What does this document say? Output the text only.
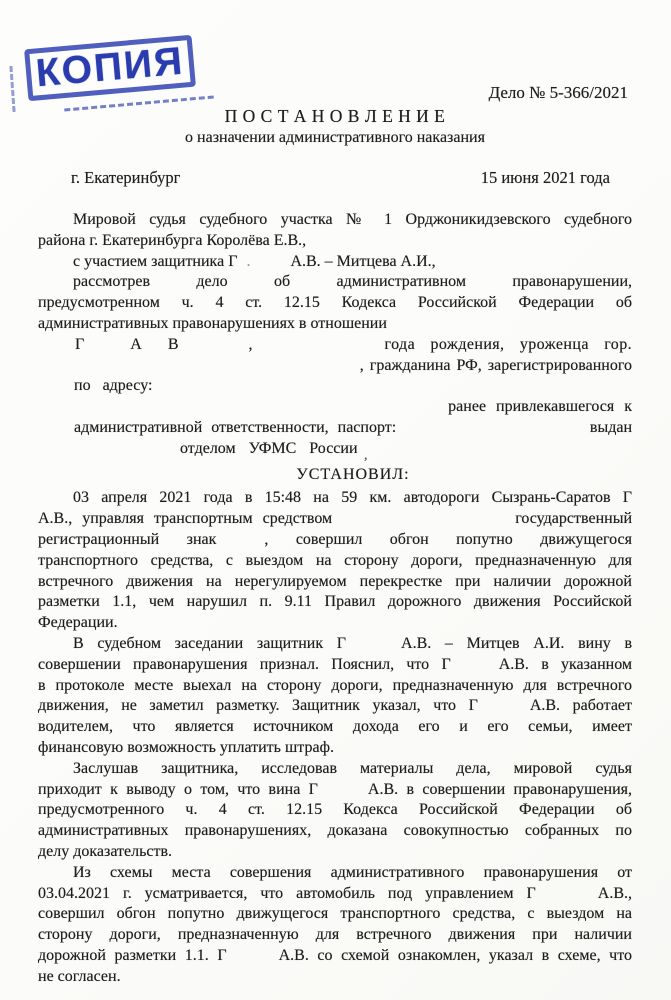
КОПИЯ
,
Дело № 5-366/2021
П О С Т А Н О В Л Е Н И Е
о назначении административного наказания
г. Екатеринбург	15 июня 2021 года
Мировой судья судебного участка № 1 Орджоникидзевского судебного
района г. Екатеринбурга Королёва Е.В.,
с участием защитника Г .	А.В. – Митцева А.И.,
рассмотрев дело об административном правонарушении,
предусмотренном ч. 4 ст. 12.15 Кодекса Российской Федерации об
административных правонарушениях в отношении
Г	А В	,	года рождения, уроженца гор.
, гражданина РФ, зарегистрированного
по адресу:
ранее привлекавшегося к
административной ответственности, паспорт:	выдан
отделом УФМС России
УСТАНОВИЛ:
03 апреля 2021 года в 15:48 на 59 км. автодороги Сызрань-Саратов Г
А.В., управляя транспортным средством	государственный
регистрационный знак	, совершил обгон попутно движущегося
транспортного средства, с выездом на сторону дороги, предназначенную для
встречного движения на нерегулируемом перекрестке при наличии дорожной
разметки 1.1, чем нарушил п. 9.11 Правил дорожного движения Российской
Федерации.
В судебном заседании защитник Г	А.В. – Митцев А.И. вину в
совершении правонарушения признал. Пояснил, что Г	А.В. в указанном
в протоколе месте выехал на сторону дороги, предназначенную для встречного
движения, не заметил разметку. Защитник указал, что Г	А.В. работает
водителем, что является источником дохода его и его семьи, имеет
финансовую возможность уплатить штраф.
Заслушав защитника, исследовав материалы дела, мировой судья
приходит к выводу о том, что вина Г	А.В. в совершении правонарушения,
предусмотренного ч. 4 ст. 12.15 Кодекса Российской Федерации об
административных правонарушениях, доказана совокупностью собранных по
делу доказательств.
Из схемы места совершения административного правонарушения от
03.04.2021 г. усматривается, что автомобиль под управлением Г	А.В.,
совершил обгон попутно движущегося транспортного средства, с выездом на
сторону дороги, предназначенную для встречного движения при наличии
дорожной разметки 1.1. Г	А.В. со схемой ознакомлен, указал в схеме, что
не согласен.
